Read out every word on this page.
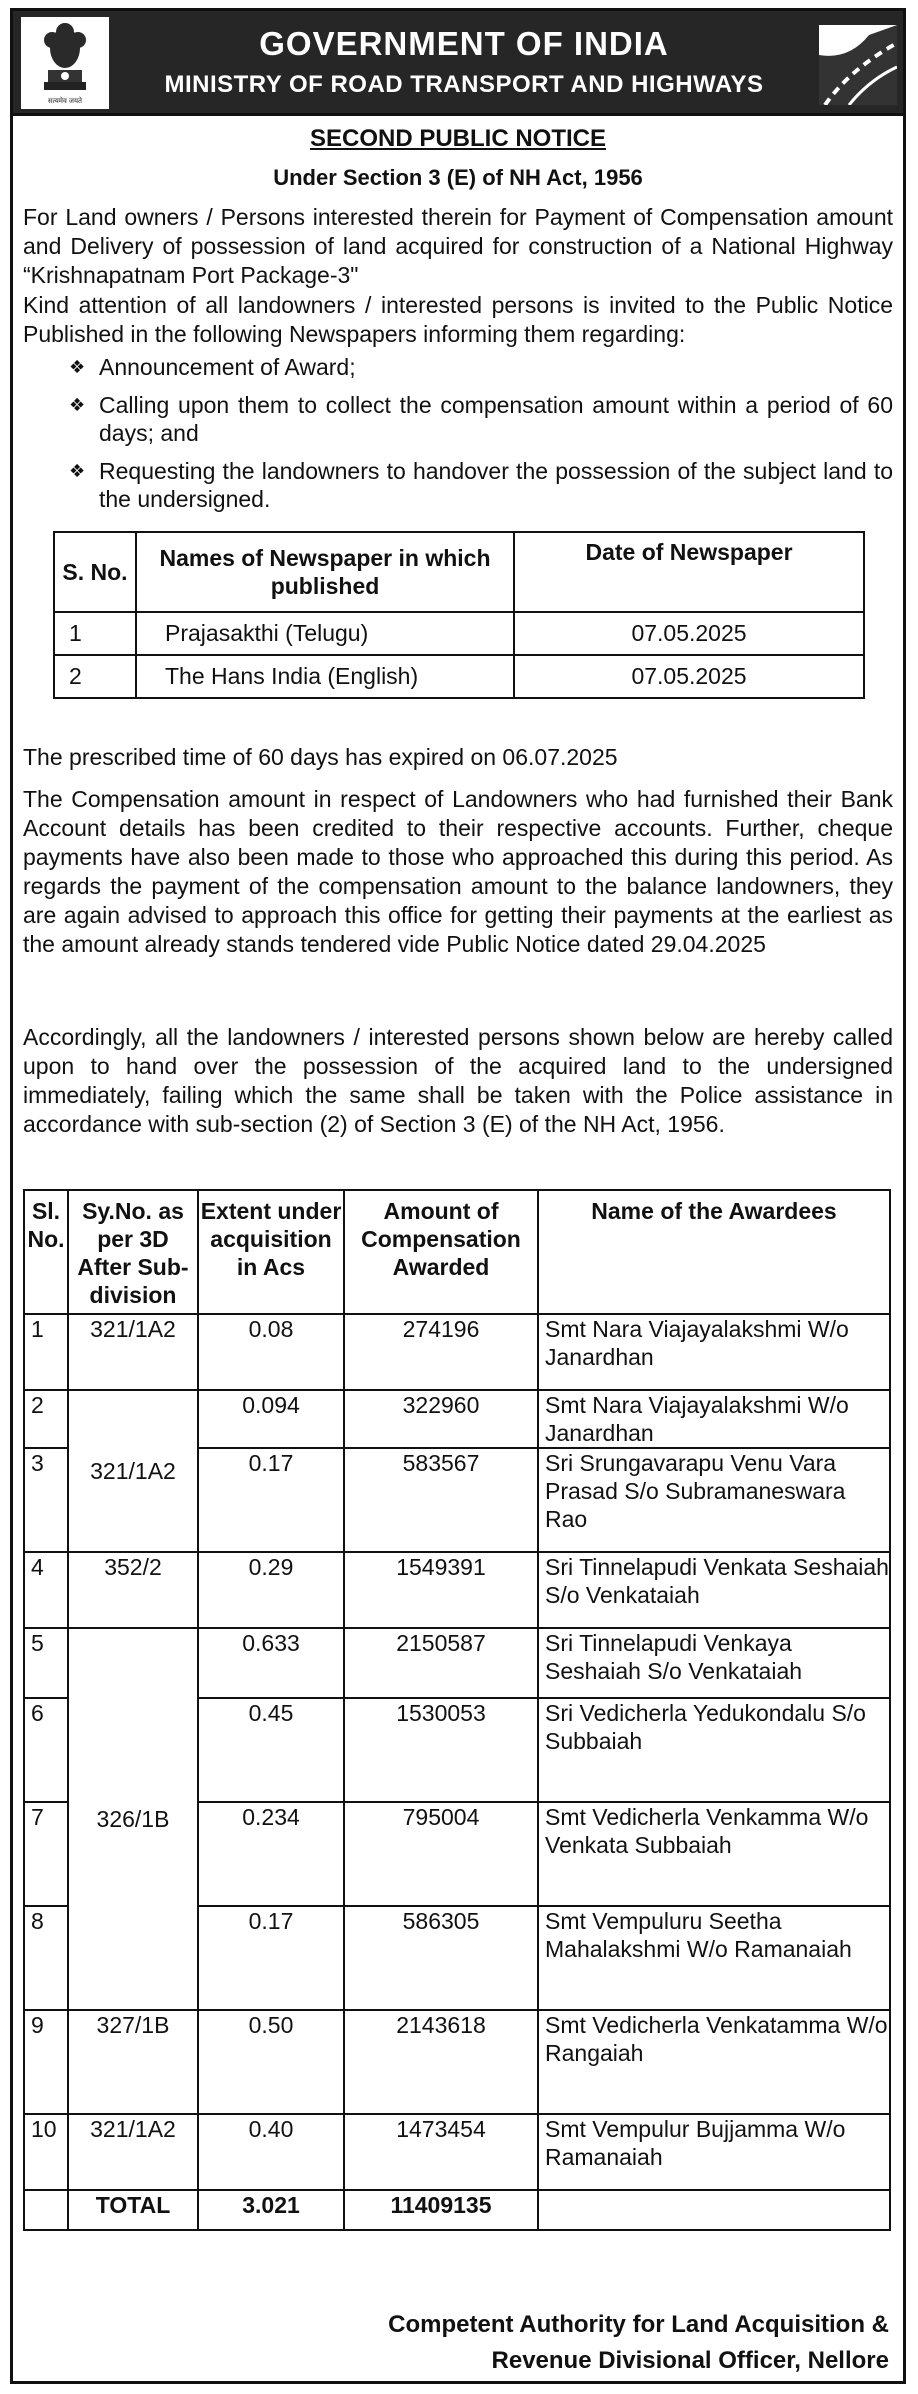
सत्यमेव जयते
GOVERNMENT OF INDIA
MINISTRY OF ROAD TRANSPORT AND HIGHWAYS
SECOND PUBLIC NOTICE
Under Section 3 (E) of NH Act, 1956
For Land owners / Persons interested therein for Payment of Compensation amount and Delivery of possession of land acquired for construction of a National Highway “Krishnapatnam Port Package-3"
Kind attention of all landowners / interested persons is invited to the Public Notice Published in the following Newspapers informing them regarding:
❖ Announcement of Award;
❖ Calling upon them to collect the compensation amount within a period of 60 days; and
❖ Requesting the landowners to handover the possession of the subject land to the undersigned.
S. No.	Names of Newspaper in which published	Date of Newspaper
1	Prajasakthi (Telugu)	07.05.2025
2	The Hans India (English)	07.05.2025
The prescribed time of 60 days has expired on 06.07.2025
The Compensation amount in respect of Landowners who had furnished their Bank Account details has been credited to their respective accounts. Further, cheque payments have also been made to those who approached this during this period. As regards the payment of the compensation amount to the balance landowners, they are again advised to approach this office for getting their payments at the earliest as the amount already stands tendered vide Public Notice dated 29.04.2025
Accordingly, all the landowners / interested persons shown below are hereby called upon to hand over the possession of the acquired land to the undersigned immediately, failing which the same shall be taken with the Police assistance in accordance with sub-section (2) of Section 3 (E) of the NH Act, 1956.
Sl. No.	Sy.No. as per 3D After Sub-division	Extent under acquisition in Acs	Amount of Compensation Awarded	Name of the Awardees
1	321/1A2	0.08	274196	Smt Nara Viajayalakshmi W/o Janardhan
2	321/1A2	0.094	322960	Smt Nara Viajayalakshmi W/o Janardhan
3		0.17	583567	Sri Srungavarapu Venu Vara Prasad S/o Subramaneswara Rao
4	352/2	0.29	1549391	Sri Tinnelapudi Venkata Seshaiah S/o Venkataiah
5	326/1B	0.633	2150587	Sri Tinnelapudi Venkaya Seshaiah S/o Venkataiah
6		0.45	1530053	Sri Vedicherla Yedukondalu S/o Subbaiah
7		0.234	795004	Smt Vedicherla Venkamma W/o Venkata Subbaiah
8		0.17	586305	Smt Vempuluru Seetha Mahalakshmi W/o Ramanaiah
9	327/1B	0.50	2143618	Smt Vedicherla Venkatamma W/o Rangaiah
10	321/1A2	0.40	1473454	Smt Vempulur Bujjamma W/o Ramanaiah
	TOTAL	3.021	11409135	
Competent Authority for Land Acquisition &
Revenue Divisional Officer, Nellore
